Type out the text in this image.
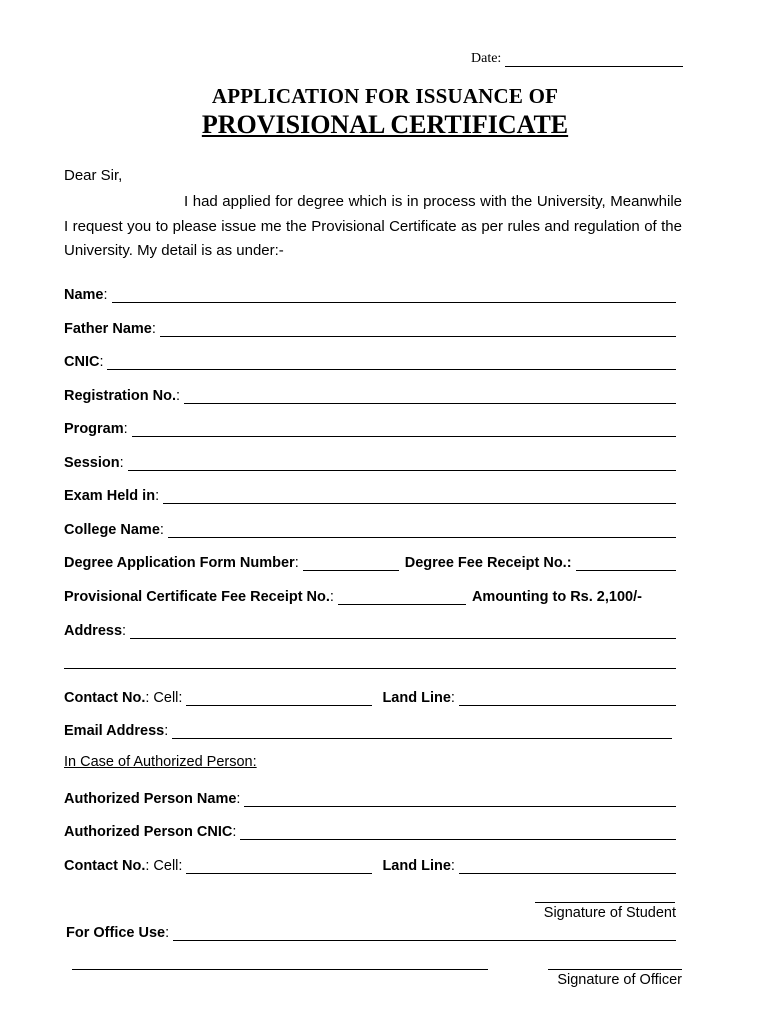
Date:
APPLICATION FOR ISSUANCE OF
PROVISIONAL CERTIFICATE
Dear Sir,
I had applied for degree which is in process with the University, Meanwhile I request you to please issue me the Provisional Certificate as per rules and regulation of the University. My detail is as under:-
Name:
Father Name:
CNIC:
Registration No.:
Program:
Session:
Exam Held in:
College Name:
Degree Application Form Number:	Degree Fee Receipt No.:
Provisional Certificate Fee Receipt No.:	Amounting to Rs. 2,100/-
Address:
Contact No.: Cell:	Land Line:
Email Address:
In Case of Authorized Person:
Authorized Person Name:
Authorized Person CNIC:
Contact No.: Cell:	Land Line:
Signature of Student
For Office Use:
Signature of Officer
